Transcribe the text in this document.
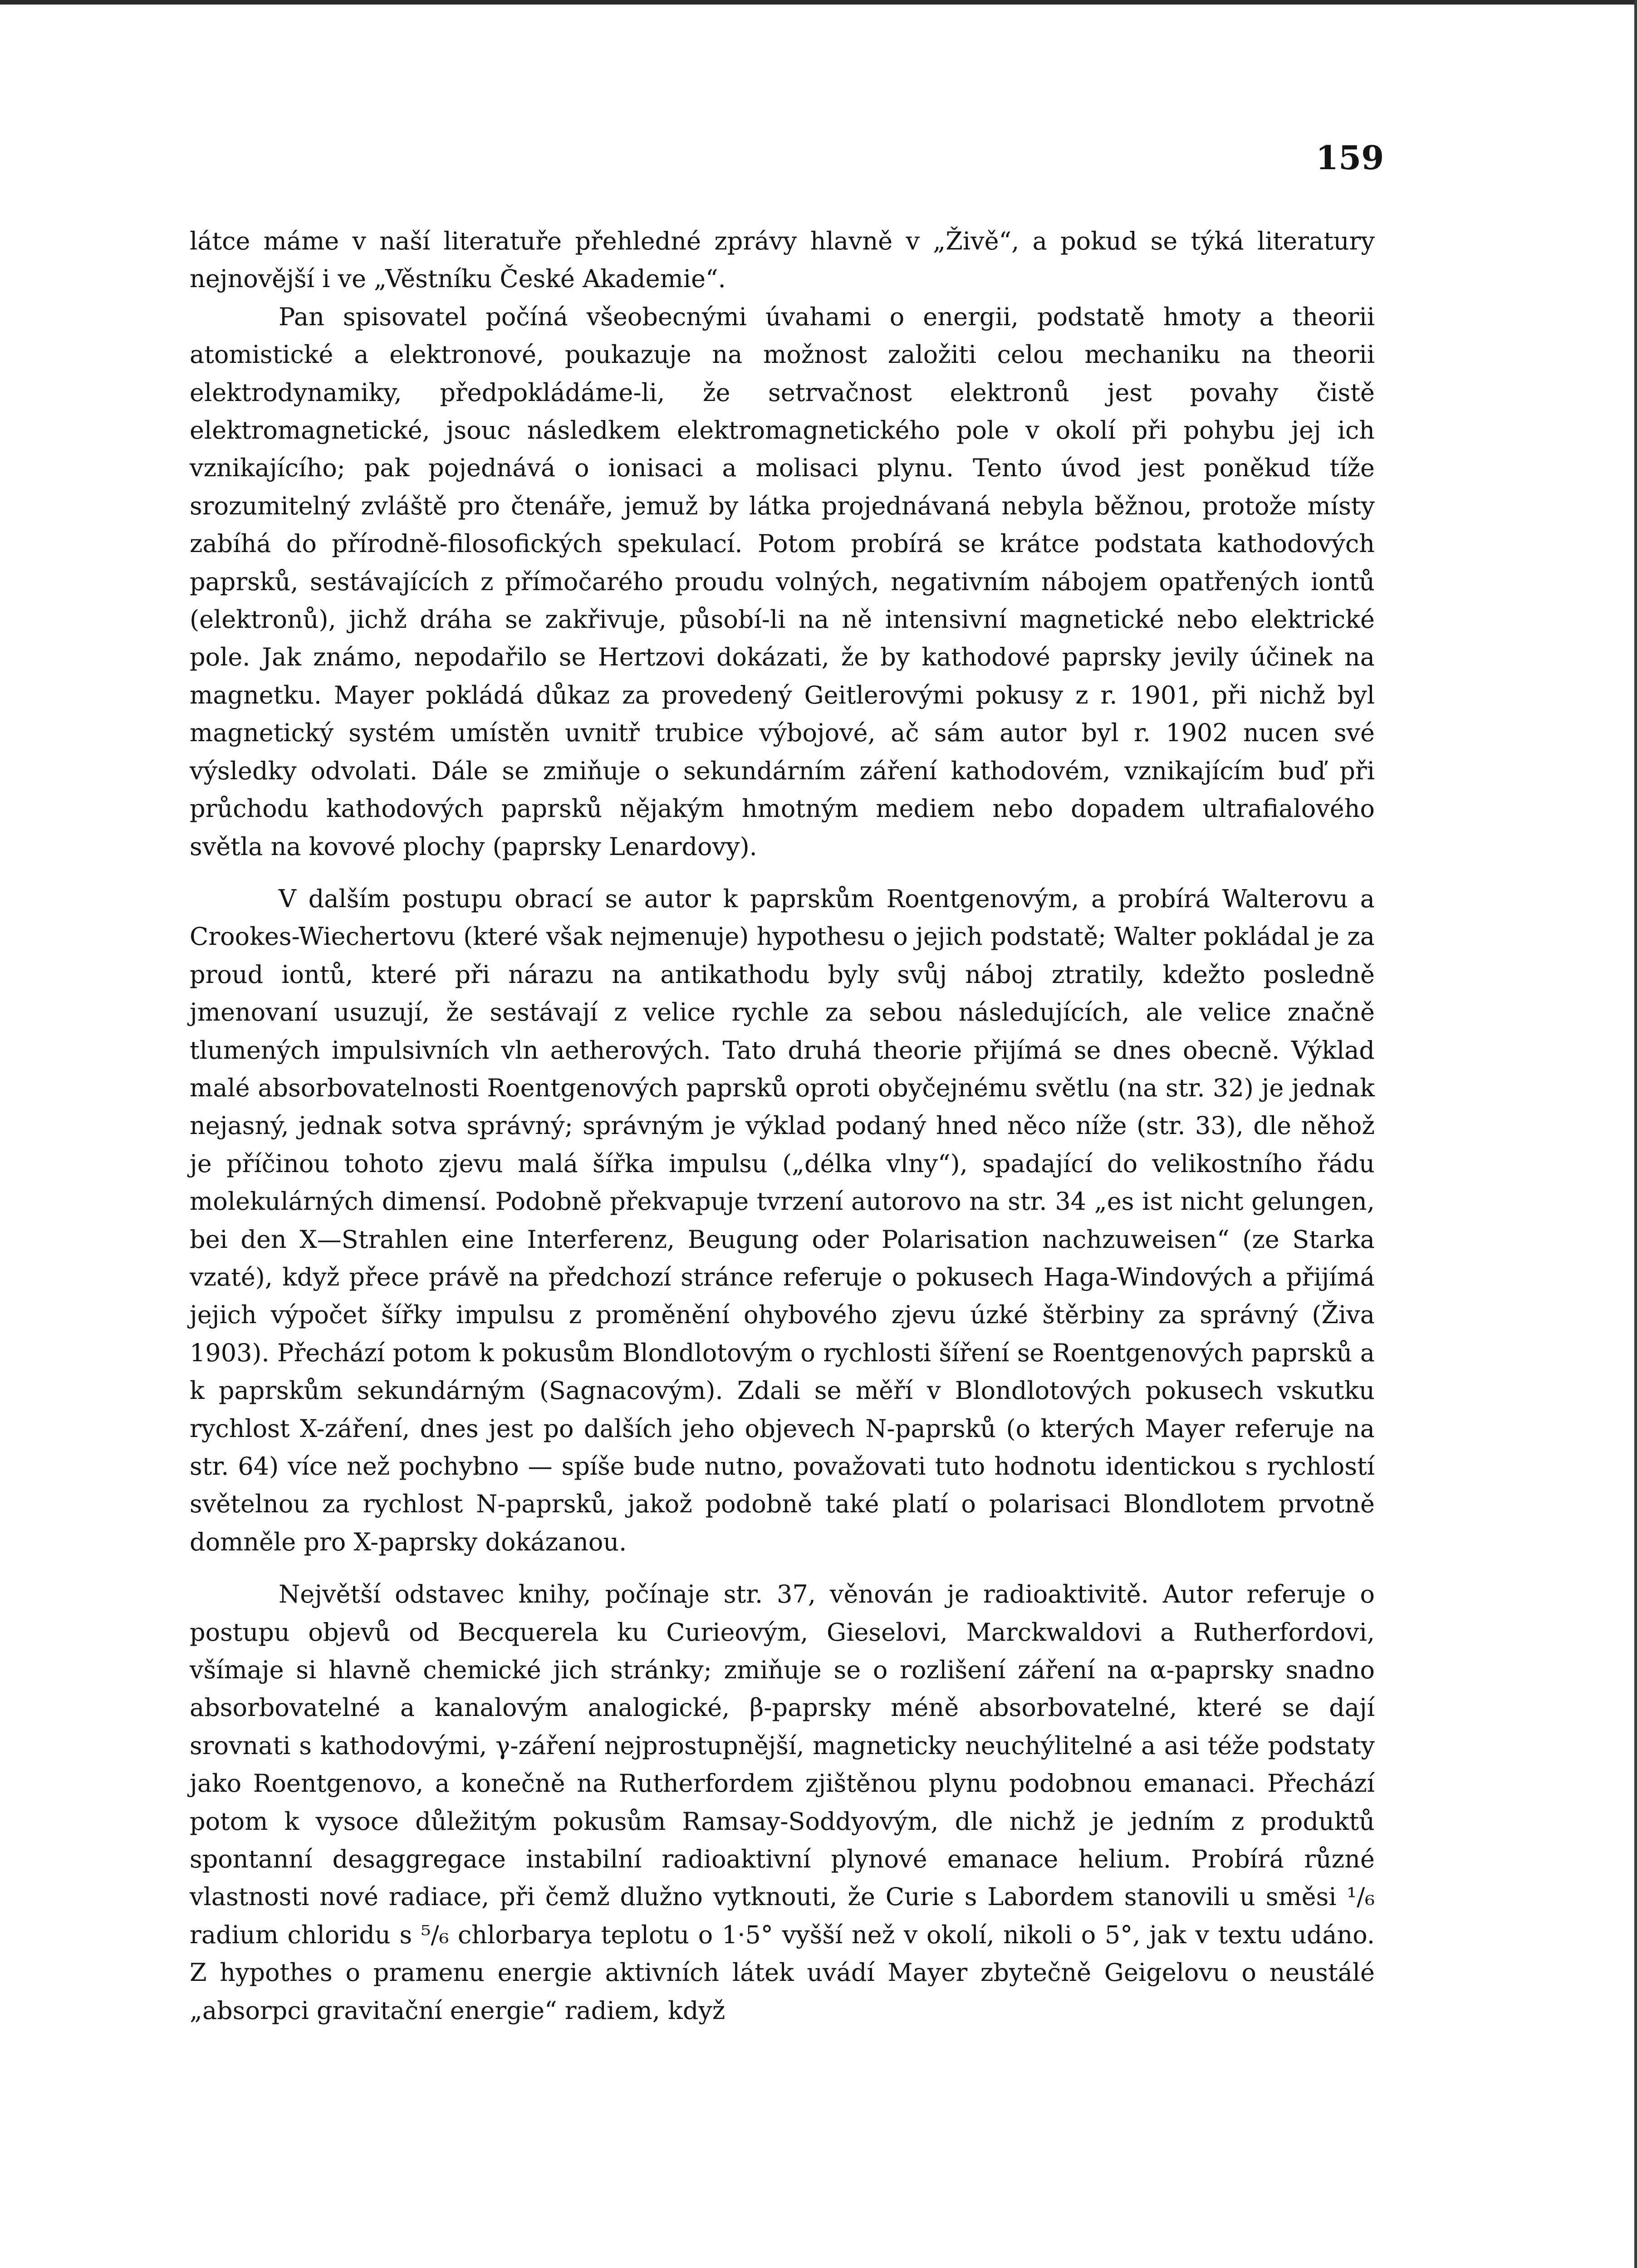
159

látce máme v naší literatuře přehledné zprávy hlavně v „Živě“, a pokud se týká literatury nejnovější i ve „Věstníku České Akademie“.

Pan spisovatel počíná všeobecnými úvahami o energii, podstatě hmoty a theorii atomistické a elektronové, poukazuje na možnost založiti celou mechaniku na theorii elektrodynamiky, předpokládáme-li, že setrvačnost elektronů jest povahy čistě elektromagnetické, jsouc následkem elektromagnetického pole v okolí při pohybu jej ich vznikajícího; pak pojednává o ionisaci a molisaci plynu. Tento úvod jest poněkud tíže srozumitelný zvláště pro čtenáře, jemuž by látka projednávaná nebyla běžnou, protože místy zabíhá do přírodně-filosofických spekulací. Potom probírá se krátce podstata kathodových paprsků, sestávajících z přímočarého proudu volných, negativním nábojem opatřených iontů (elektronů), jichž dráha se zakřivuje, působí-li na ně intensivní magnetické nebo elektrické pole. Jak známo, nepodařilo se Hertzovi dokázati, že by kathodové paprsky jevily účinek na magnetku. Mayer pokládá důkaz za provedený Geitlerovými pokusy z r. 1901, při nichž byl magnetický systém umístěn uvnitř trubice výbojové, ač sám autor byl r. 1902 nucen své výsledky odvolati. Dále se zmiňuje o sekundárním záření kathodovém, vznikajícím buď při průchodu kathodových paprsků nějakým hmotným mediem nebo dopadem ultrafialového světla na kovové plochy (paprsky Lenardovy).

V dalším postupu obrací se autor k paprskům Roentgenovým, a probírá Walterovu a Crookes-Wiechertovu (které však nejmenuje) hypothesu o jejich podstatě; Walter pokládal je za proud iontů, které při nárazu na antikathodu byly svůj náboj ztratily, kdežto posledně jmenovaní usuzují, že sestávají z velice rychle za sebou následujících, ale velice značně tlumených impulsivních vln aetherových. Tato druhá theorie přijímá se dnes obecně. Výklad malé absorbovatelnosti Roentgenových paprsků oproti obyčejnému světlu (na str. 32) je jednak nejasný, jednak sotva správný; správným je výklad podaný hned něco níže (str. 33), dle něhož je příčinou tohoto zjevu malá šířka impulsu („délka vlny“), spadající do velikostního řádu molekulárných dimensí. Podobně překvapuje tvrzení autorovo na str. 34 „es ist nicht gelungen, bei den X—Strahlen eine Interferenz, Beugung oder Polarisation nachzuweisen“ (ze Starka vzaté), když přece právě na předchozí stránce referuje o pokusech Haga-Windových a přijímá jejich výpočet šířky impulsu z proměnění ohybového zjevu úzké štěrbiny za správný (Živa 1903). Přechází potom k pokusům Blondlotovým o rychlosti šíření se Roentgenových paprsků a k paprskům sekundárným (Sagnacovým). Zdali se měří v Blondlotových pokusech vskutku rychlost X-záření, dnes jest po dalších jeho objevech N-paprsků (o kterých Mayer referuje na str. 64) více než pochybno — spíše bude nutno, považovati tuto hodnotu identickou s rychlostí světelnou za rychlost N-paprsků, jakož podobně také platí o polarisaci Blondlotem prvotně domněle pro X-paprsky dokázanou.

Největší odstavec knihy, počínaje str. 37, věnován je radioaktivitě. Autor referuje o postupu objevů od Becquerela ku Curieovým, Gieselovi, Marckwaldovi a Rutherfordovi, všímaje si hlavně chemické jich stránky; zmiňuje se o rozlišení záření na α-paprsky snadno absorbovatelné a kanalovým analogické, β-paprsky méně absorbovatelné, které se dají srovnati s kathodovými, γ-záření nejprostupnější, magneticky neuchýlitelné a asi téže podstaty jako Roentgenovo, a konečně na Rutherfordem zjištěnou plynu podobnou emanaci. Přechází potom k vysoce důležitým pokusům Ramsay-Soddyovým, dle nichž je jedním z produktů spontanní desaggregace instabilní radioaktivní plynové emanace helium. Probírá různé vlastnosti nové radiace, při čemž dlužno vytknouti, že Curie s Labordem stanovili u směsi ¹/₆ radium chloridu s ⁵/₆ chlorbarya teplotu o 1·5° vyšší než v okolí, nikoli o 5°, jak v textu udáno. Z hypothes o pramenu energie aktivních látek uvádí Mayer zbytečně Geigelovu o neustálé „absorpci gravitační energie“ radiem, když
